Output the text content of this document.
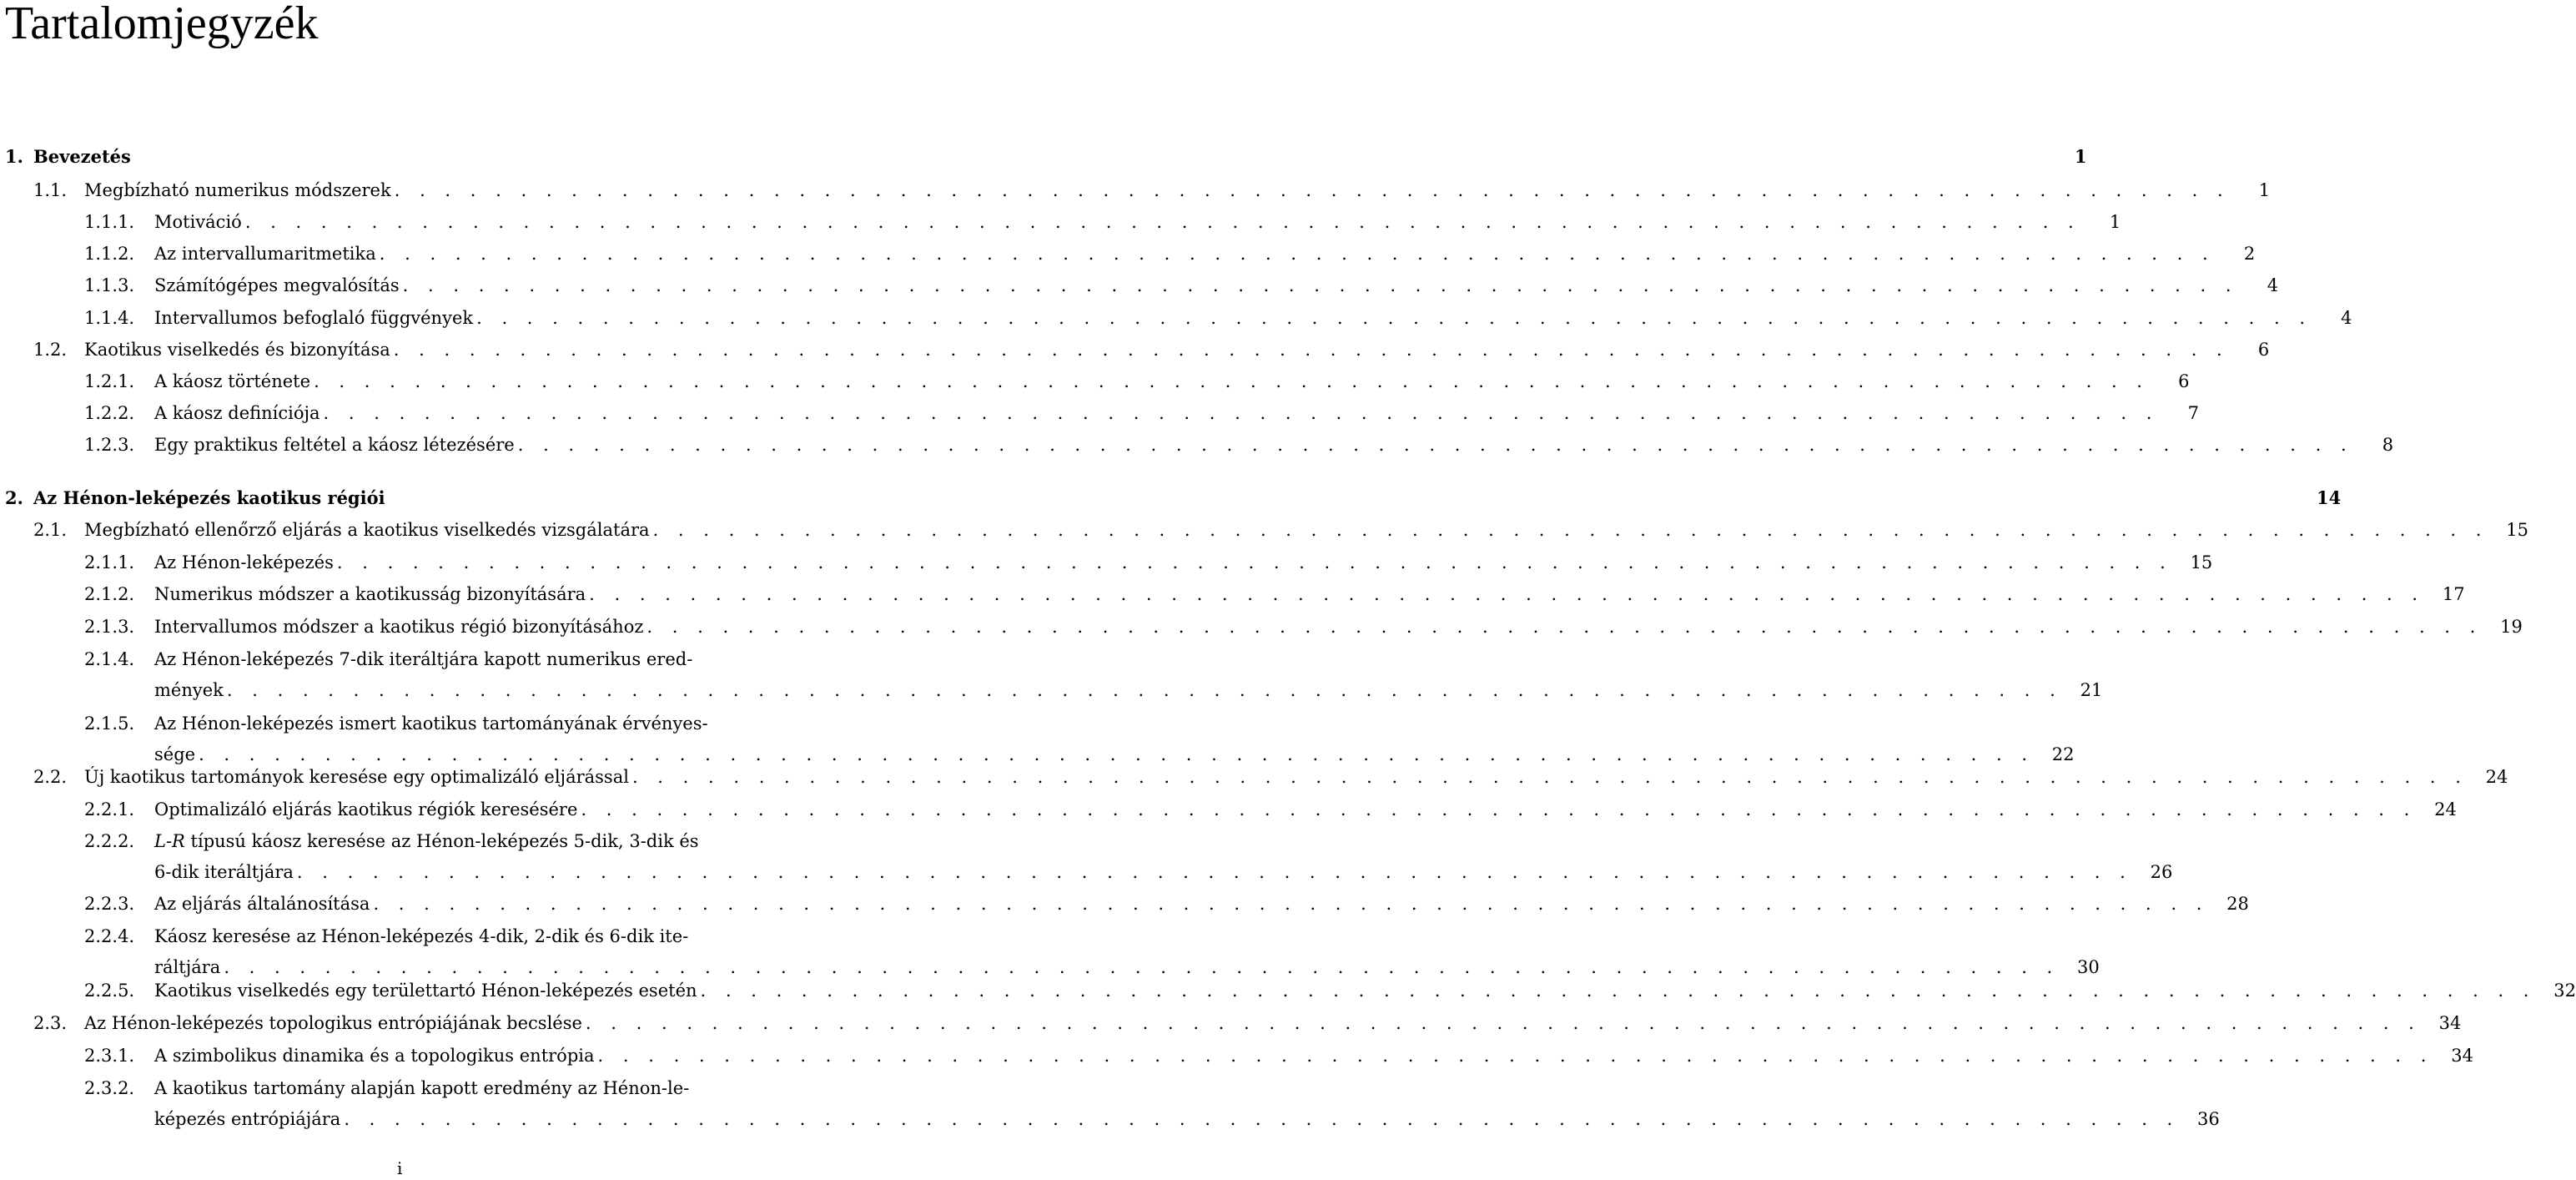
Tartalomjegyzék
1. Bevezetés	1
1.1. Megbízható numerikus módszerek . . . . . . . . . . . . . . . . . . . . . . . . . . . . . . . . . . . . . . . . . . . . . . . . . . . . . . . . . . . . . . . . . . . . . . . . .	1
1.1.1. Motiváció . . . . . . . . . . . . . . . . . . . . . . . . . . . . . . . . . . . . . . . . . . . . . . . . . . . . . . . . . . . . . . . . . . . . . . . . .	1
1.1.2. Az intervallumaritmetika . . . . . . . . . . . . . . . . . . . . . . . . . . . . . . . . . . . . . . . . . . . . . . . . . . . . . . . . . . . . . . . . . . . . . . . . .	2
1.1.3. Számítógépes megvalósítás . . . . . . . . . . . . . . . . . . . . . . . . . . . . . . . . . . . . . . . . . . . . . . . . . . . . . . . . . . . . . . . . . . . . . . . . .	4
1.1.4. Intervallumos befoglaló függvények . . . . . . . . . . . . . . . . . . . . . . . . . . . . . . . . . . . . . . . . . . . . . . . . . . . . . . . . . . . . . . . . . . . . . . . . .	4
1.2. Kaotikus viselkedés és bizonyítása . . . . . . . . . . . . . . . . . . . . . . . . . . . . . . . . . . . . . . . . . . . . . . . . . . . . . . . . . . . . . . . . . . . . . . . . .	6
1.2.1. A káosz története . . . . . . . . . . . . . . . . . . . . . . . . . . . . . . . . . . . . . . . . . . . . . . . . . . . . . . . . . . . . . . . . . . . . . . . . .	6
1.2.2. A káosz definíciója . . . . . . . . . . . . . . . . . . . . . . . . . . . . . . . . . . . . . . . . . . . . . . . . . . . . . . . . . . . . . . . . . . . . . . . . .	7
1.2.3. Egy praktikus feltétel a káosz létezésére . . . . . . . . . . . . . . . . . . . . . . . . . . . . . . . . . . . . . . . . . . . . . . . . . . . . . . . . . . . . . . . . . . . . . . . . .	8
2. Az Hénon-leképezés kaotikus régiói	14
2.1. Megbízható ellenőrző eljárás a kaotikus viselkedés vizsgálatára . . . . . . . . . . . . . . . . . . . . . . . . . . . . . . . . . . . . . . . . . . . . . . . . . . . . . . . . . . . . . . . . . . . . . . . . .	15
2.1.1. Az Hénon-leképezés . . . . . . . . . . . . . . . . . . . . . . . . . . . . . . . . . . . . . . . . . . . . . . . . . . . . . . . . . . . . . . . . . . . . . . . . .	15
2.1.2. Numerikus módszer a kaotikusság bizonyítására . . . . . . . . . . . . . . . . . . . . . . . . . . . . . . . . . . . . . . . . . . . . . . . . . . . . . . . . . . . . . . . . . . . . . . . . .	17
2.1.3. Intervallumos módszer a kaotikus régió bizonyításához . . . . . . . . . . . . . . . . . . . . . . . . . . . . . . . . . . . . . . . . . . . . . . . . . . . . . . . . . . . . . . . . . . . . . . . . .	19
2.1.4. Az Hénon-leképezés 7-dik iteráltjára kapott numerikus ered-
mények . . . . . . . . . . . . . . . . . . . . . . . . . . . . . . . . . . . . . . . . . . . . . . . . . . . . . . . . . . . . . . . . . . . . . . . . .	21
2.1.5. Az Hénon-leképezés ismert kaotikus tartományának érvényes-
sége . . . . . . . . . . . . . . . . . . . . . . . . . . . . . . . . . . . . . . . . . . . . . . . . . . . . . . . . . . . . . . . . . . . . . . . . .	22
2.2. Új kaotikus tartományok keresése egy optimalizáló eljárással . . . . . . . . . . . . . . . . . . . . . . . . . . . . . . . . . . . . . . . . . . . . . . . . . . . . . . . . . . . . . . . . . . . . . . . . .	24
2.2.1. Optimalizáló eljárás kaotikus régiók keresésére . . . . . . . . . . . . . . . . . . . . . . . . . . . . . . . . . . . . . . . . . . . . . . . . . . . . . . . . . . . . . . . . . . . . . . . . .	24
2.2.2. L-R típusú káosz keresése az Hénon-leképezés 5-dik, 3-dik és
6-dik iteráltjára . . . . . . . . . . . . . . . . . . . . . . . . . . . . . . . . . . . . . . . . . . . . . . . . . . . . . . . . . . . . . . . . . . . . . . . . .	26
2.2.3. Az eljárás általánosítása . . . . . . . . . . . . . . . . . . . . . . . . . . . . . . . . . . . . . . . . . . . . . . . . . . . . . . . . . . . . . . . . . . . . . . . . .	28
2.2.4. Káosz keresése az Hénon-leképezés 4-dik, 2-dik és 6-dik ite-
ráltjára . . . . . . . . . . . . . . . . . . . . . . . . . . . . . . . . . . . . . . . . . . . . . . . . . . . . . . . . . . . . . . . . . . . . . . . . .	30
2.2.5. Kaotikus viselkedés egy területtartó Hénon-leképezés esetén . . . . . . . . . . . . . . . . . . . . . . . . . . . . . . . . . . . . . . . . . . . . . . . . . . . . . . . . . . . . . . . . . . . . . . . . .	32
2.3. Az Hénon-leképezés topologikus entrópiájának becslése . . . . . . . . . . . . . . . . . . . . . . . . . . . . . . . . . . . . . . . . . . . . . . . . . . . . . . . . . . . . . . . . . . . . . . . . .	34
2.3.1. A szimbolikus dinamika és a topologikus entrópia . . . . . . . . . . . . . . . . . . . . . . . . . . . . . . . . . . . . . . . . . . . . . . . . . . . . . . . . . . . . . . . . . . . . . . . . .	34
2.3.2. A kaotikus tartomány alapján kapott eredmény az Hénon-le-
képezés entrópiájára . . . . . . . . . . . . . . . . . . . . . . . . . . . . . . . . . . . . . . . . . . . . . . . . . . . . . . . . . . . . . . . . . . . . . . . . .	36
i
